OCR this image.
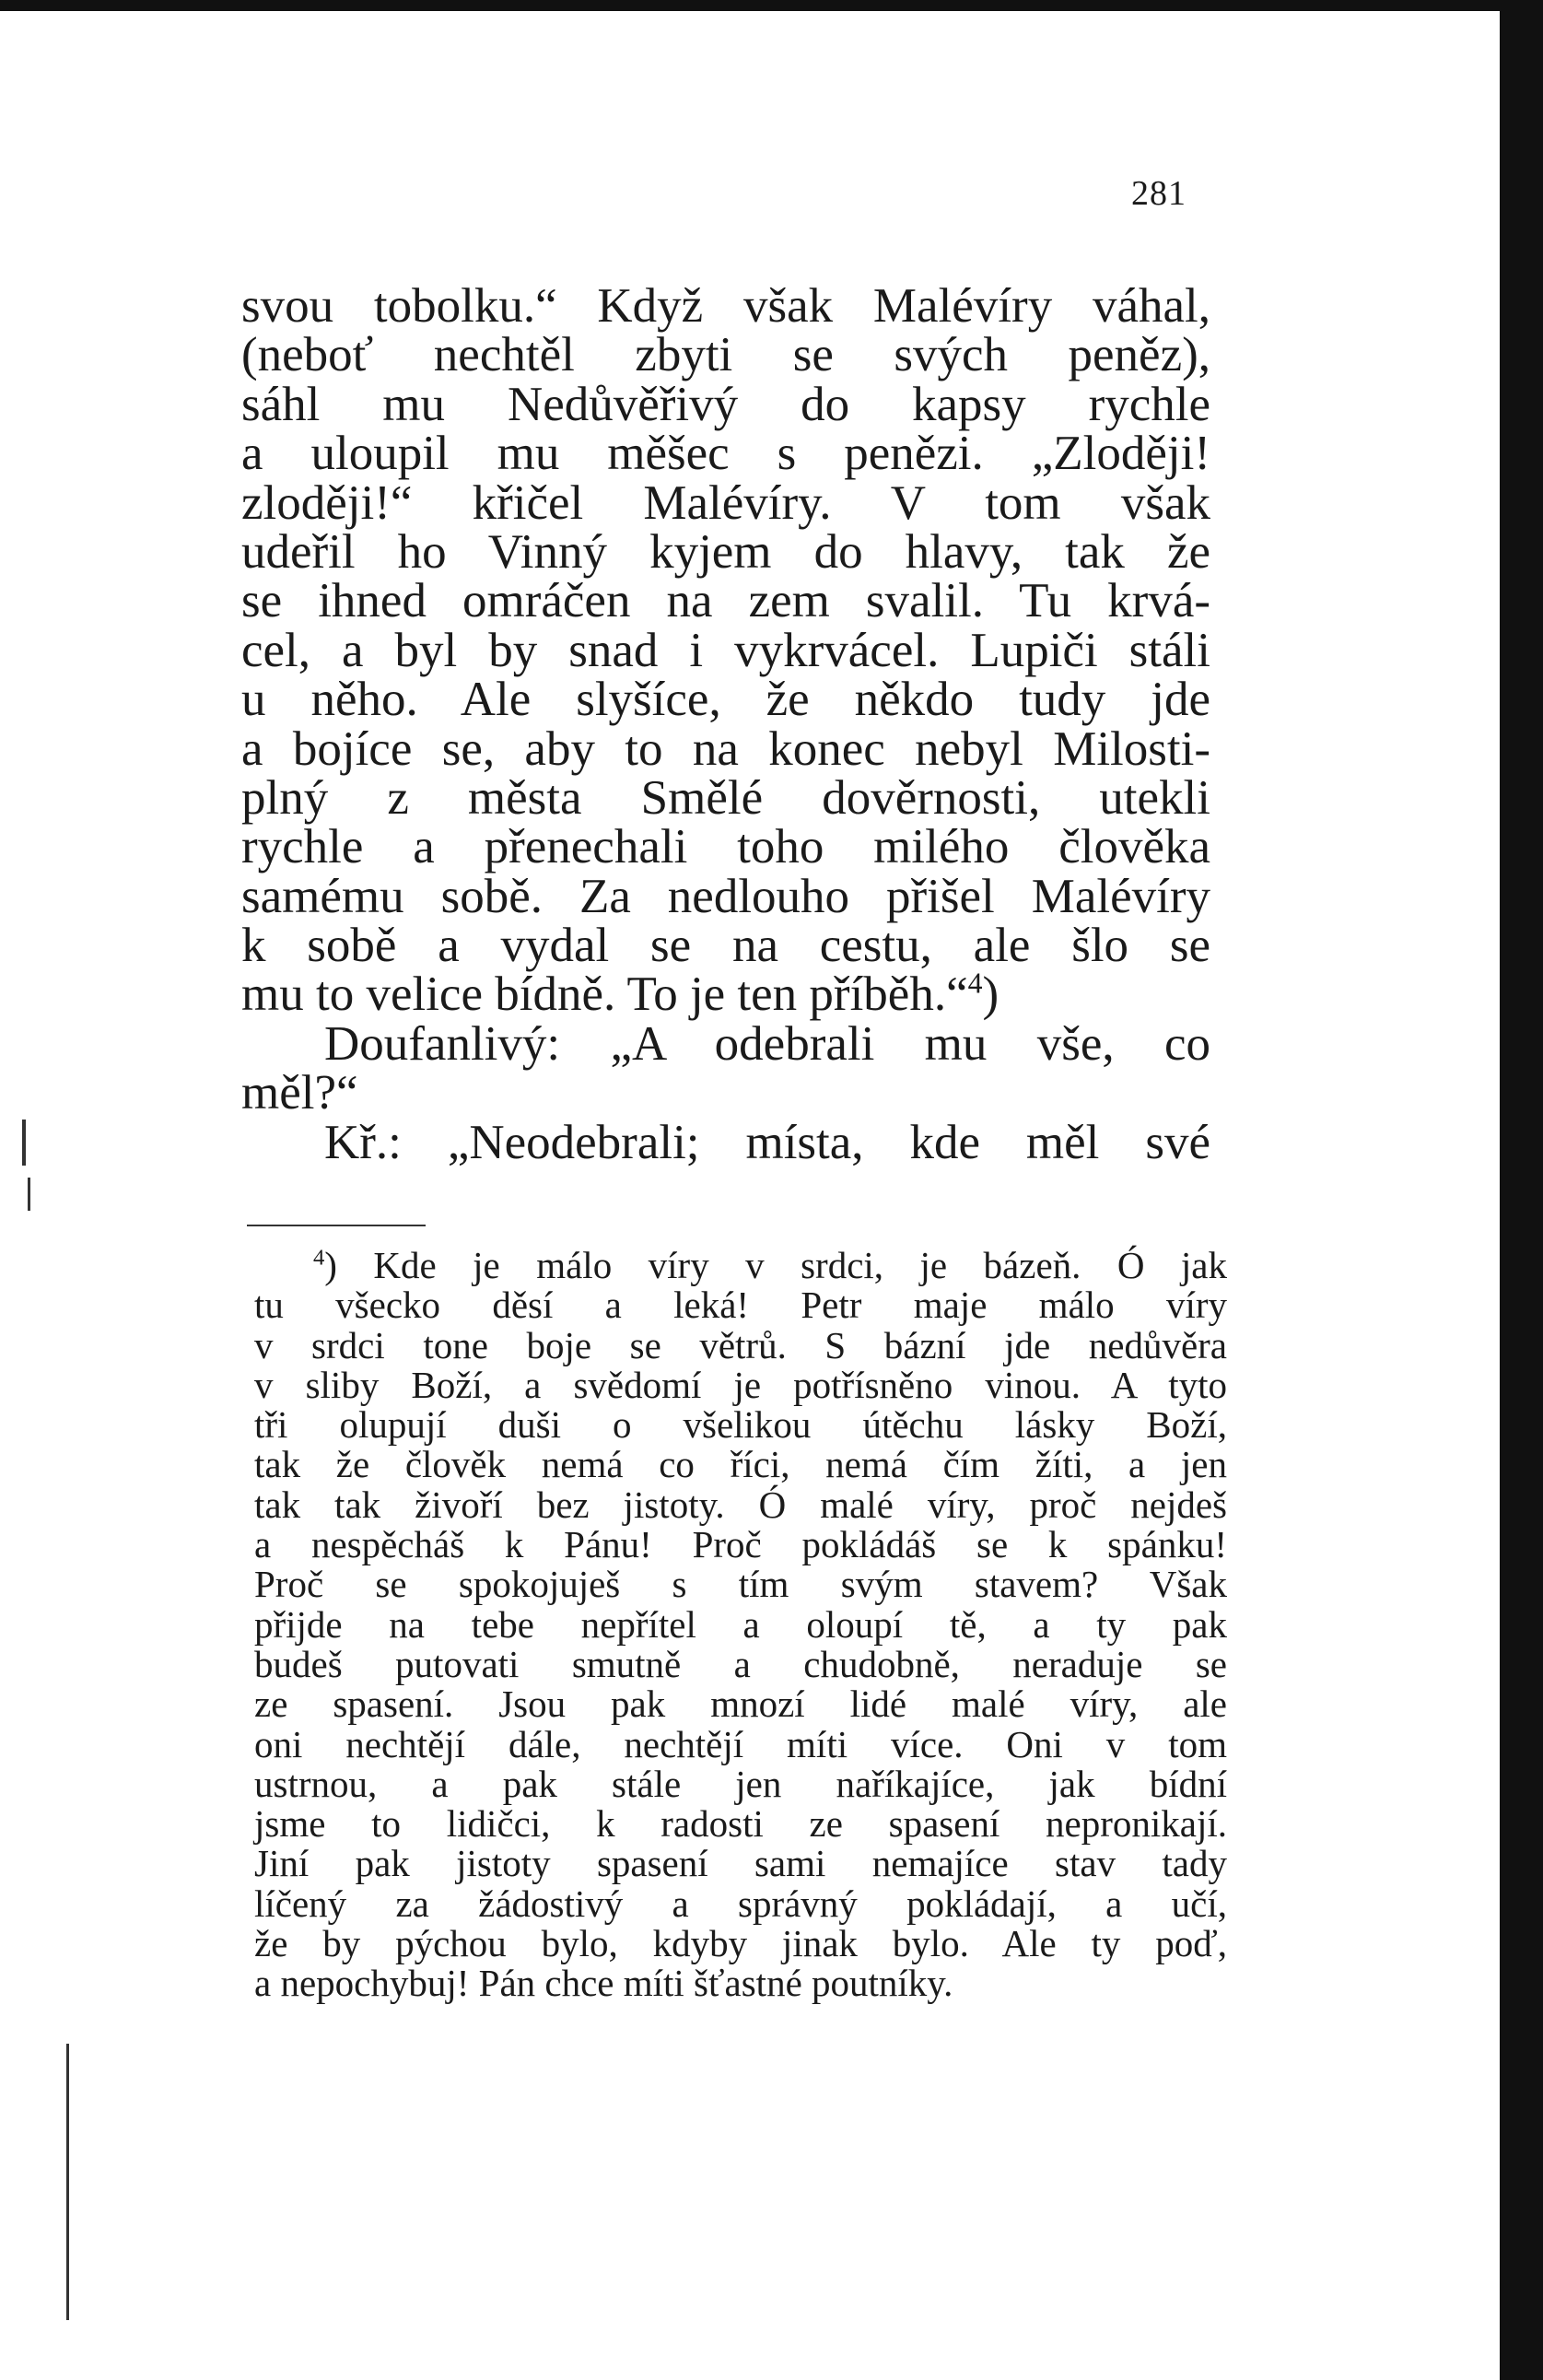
281
svou tobolku.“ Když však Malévíry váhal,
(neboť nechtěl zbyti se svých peněz),
sáhl mu Nedůvěřivý do kapsy rychle
a uloupil mu měšec s penězi. „Zloději!
zloději!“ křičel Malévíry. V tom však
udeřil ho Vinný kyjem do hlavy, tak že
se ihned omráčen na zem svalil. Tu krvá-
cel, a byl by snad i vykrvácel. Lupiči stáli
u něho. Ale slyšíce, že někdo tudy jde
a bojíce se, aby to na konec nebyl Milosti-
plný z města Smělé dověrnosti, utekli
rychle a přenechali toho milého člověka
samému sobě. Za nedlouho přišel Malévíry
k sobě a vydal se na cestu, ale šlo se
mu to velice bídně. To je ten příběh.“$^4$)
Doufanlivý: „A odebrali mu vše, co
měl?“
Kř.: „Neodebrali; místa, kde měl své
$^4$) Kde je málo víry v srdci, je bázeň. Ó jak
tu všecko děsí a leká! Petr maje málo víry
v srdci tone boje se větrů. S bázní jde nedůvěra
v sliby Boží, a svědomí je potřísněno vinou. A tyto
tři olupují duši o všelikou útěchu lásky Boží,
tak že člověk nemá co říci, nemá čím žíti, a jen
tak tak živoří bez jistoty. Ó malé víry, proč nejdeš
a nespěcháš k Pánu! Proč pokládáš se k spánku!
Proč se spokojuješ s tím svým stavem? Však
přijde na tebe nepřítel a oloupí tě, a ty pak
budeš putovati smutně a chudobně, neraduje se
ze spasení. Jsou pak mnozí lidé malé víry, ale
oni nechtějí dále, nechtějí míti více. Oni v tom
ustrnou, a pak stále jen naříkajíce, jak bídní
jsme to lidičci, k radosti ze spasení nepronikají.
Jiní pak jistoty spasení sami nemajíce stav tady
líčený za žádostivý a správný pokládají, a učí,
že by pýchou bylo, kdyby jinak bylo. Ale ty poď,
a nepochybuj! Pán chce míti šťastné poutníky.
